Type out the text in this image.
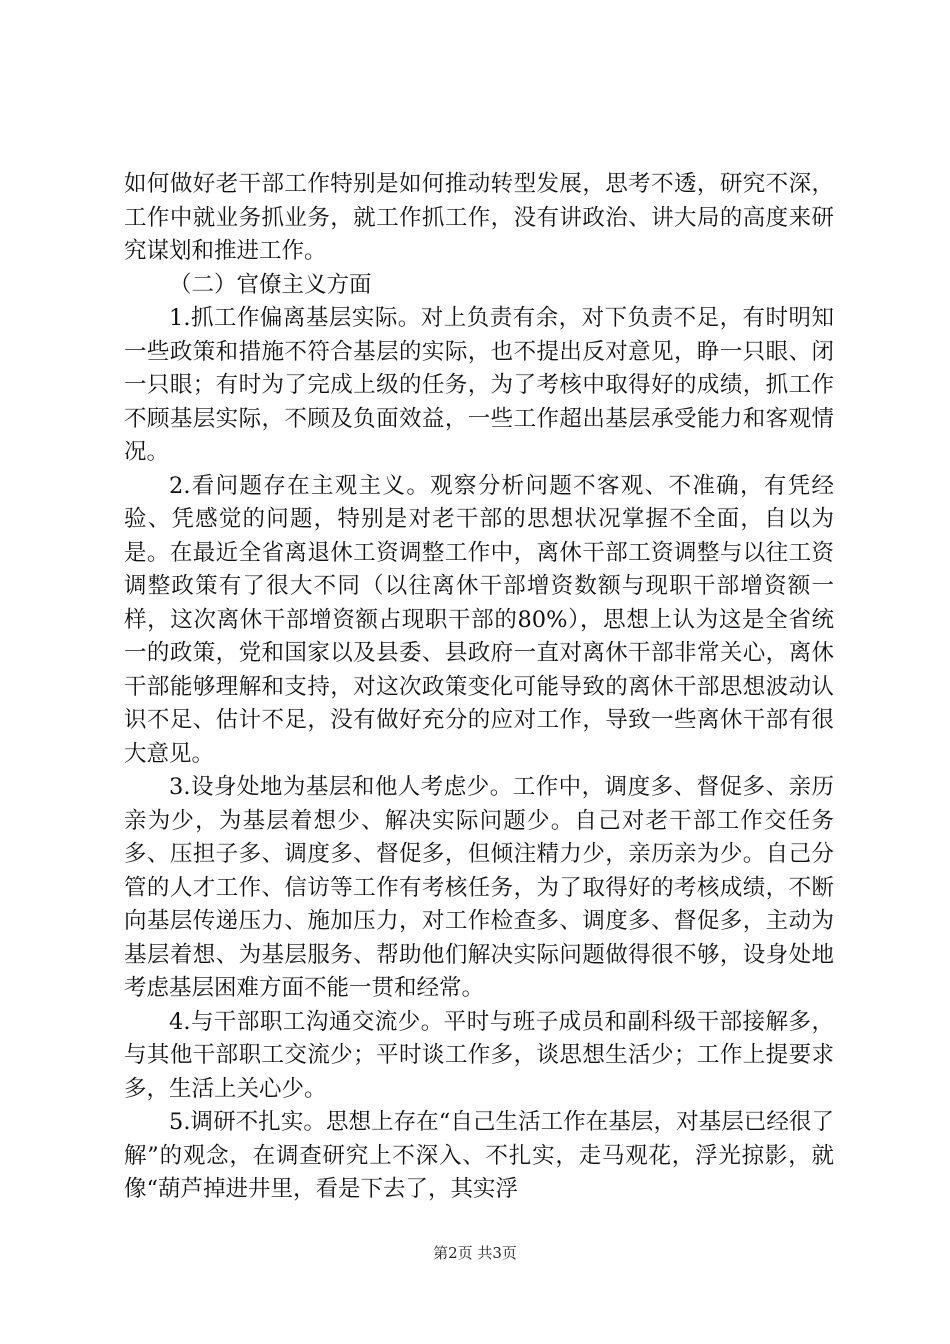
如何做好老干部工作特别是如何推动转型发展，思考不透，研究不深，工作中就业务抓业务，就工作抓工作，没有讲政治、讲大局的高度来研究谋划和推进工作。

（二）官僚主义方面

1.抓工作偏离基层实际。对上负责有余，对下负责不足，有时明知一些政策和措施不符合基层的实际，也不提出反对意见，睁一只眼、闭一只眼；有时为了完成上级的任务，为了考核中取得好的成绩，抓工作不顾基层实际，不顾及负面效益，一些工作超出基层承受能力和客观情况。

2.看问题存在主观主义。观察分析问题不客观、不准确，有凭经验、凭感觉的问题，特别是对老干部的思想状况掌握不全面，自以为是。在最近全省离退休工资调整工作中，离休干部工资调整与以往工资调整政策有了很大不同（以往离休干部增资数额与现职干部增资额一样，这次离休干部增资额占现职干部的80%），思想上认为这是全省统一的政策，党和国家以及县委、县政府一直对离休干部非常关心，离休干部能够理解和支持，对这次政策变化可能导致的离休干部思想波动认识不足、估计不足，没有做好充分的应对工作，导致一些离休干部有很大意见。

3.设身处地为基层和他人考虑少。工作中，调度多、督促多、亲历亲为少，为基层着想少、解决实际问题少。自己对老干部工作交任务多、压担子多、调度多、督促多，但倾注精力少，亲历亲为少。自己分管的人才工作、信访等工作有考核任务，为了取得好的考核成绩，不断向基层传递压力、施加压力，对工作检查多、调度多、督促多，主动为基层着想、为基层服务、帮助他们解决实际问题做得很不够，设身处地考虑基层困难方面不能一贯和经常。

4.与干部职工沟通交流少。平时与班子成员和副科级干部接解多，与其他干部职工交流少；平时谈工作多，谈思想生活少；工作上提要求多，生活上关心少。

5.调研不扎实。思想上存在“自己生活工作在基层，对基层已经很了解”的观念，在调查研究上不深入、不扎实，走马观花，浮光掠影，就像“葫芦掉进井里，看是下去了，其实浮

第2页 共3页
